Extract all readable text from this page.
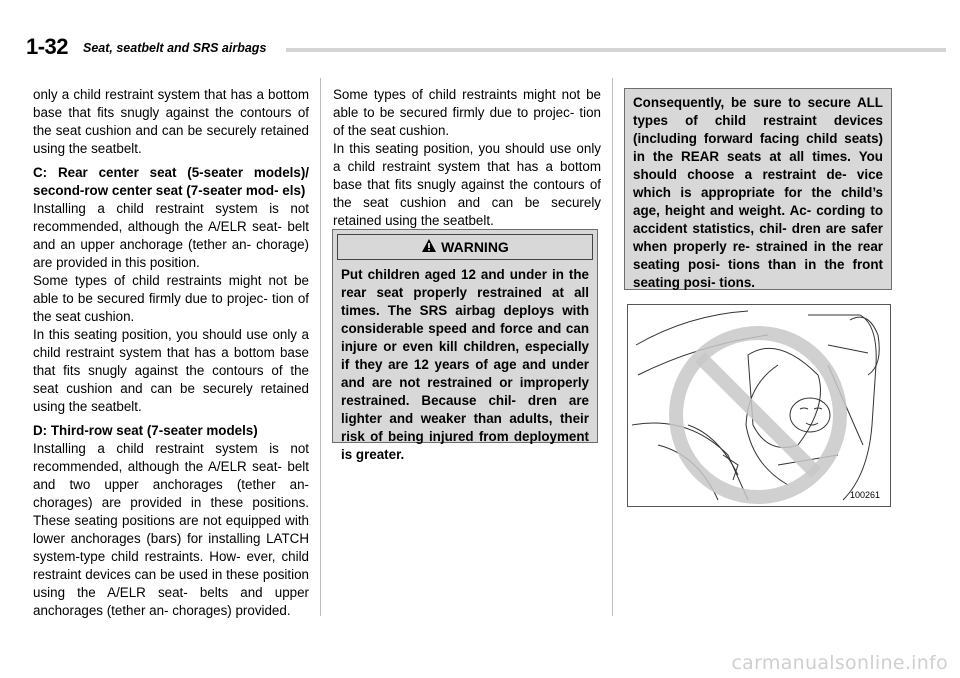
1-32 Seat, seatbelt and SRS airbags

only a child restraint system that has a bottom base that fits snugly against the contours of the seat cushion and can be securely retained using the seatbelt.

C: Rear center seat (5-seater models)/ second-row center seat (7-seater mod- els)

Installing a child restraint system is not recommended, although the A/ELR seat- belt and an upper anchorage (tether an- chorage) are provided in this position.

Some types of child restraints might not be able to be secured firmly due to projec- tion of the seat cushion.

In this seating position, you should use only a child restraint system that has a bottom base that fits snugly against the contours of the seat cushion and can be securely retained using the seatbelt.

D: Third-row seat (7-seater models)

Installing a child restraint system is not recommended, although the A/ELR seat- belt and two upper anchorages (tether an- chorages) are provided in these positions. These seating positions are not equipped with lower anchorages (bars) for installing LATCH system-type child restraints. How- ever, child restraint devices can be used in these position using the A/ELR seat- belts and upper anchorages (tether an- chorages) provided.

Some types of child restraints might not be able to be secured firmly due to projec- tion of the seat cushion.

In this seating position, you should use only a child restraint system that has a bottom base that fits snugly against the contours of the seat cushion and can be securely retained using the seatbelt.

WARNING
Put children aged 12 and under in the rear seat properly restrained at all times. The SRS airbag deploys with considerable speed and force and can injure or even kill children, especially if they are 12 years of age and under and are not restrained or improperly restrained. Because chil- dren are lighter and weaker than adults, their risk of being injured from deployment is greater.
Consequently, be sure to secure ALL types of child restraint devices (including forward facing child seats) in the REAR seats at all times. You should choose a restraint de- vice which is appropriate for the child’s age, height and weight. Ac- cording to accident statistics, chil- dren are safer when properly re- strained in the rear seating posi- tions than in the front seating posi- tions.
100261
carmanualsonline.info
